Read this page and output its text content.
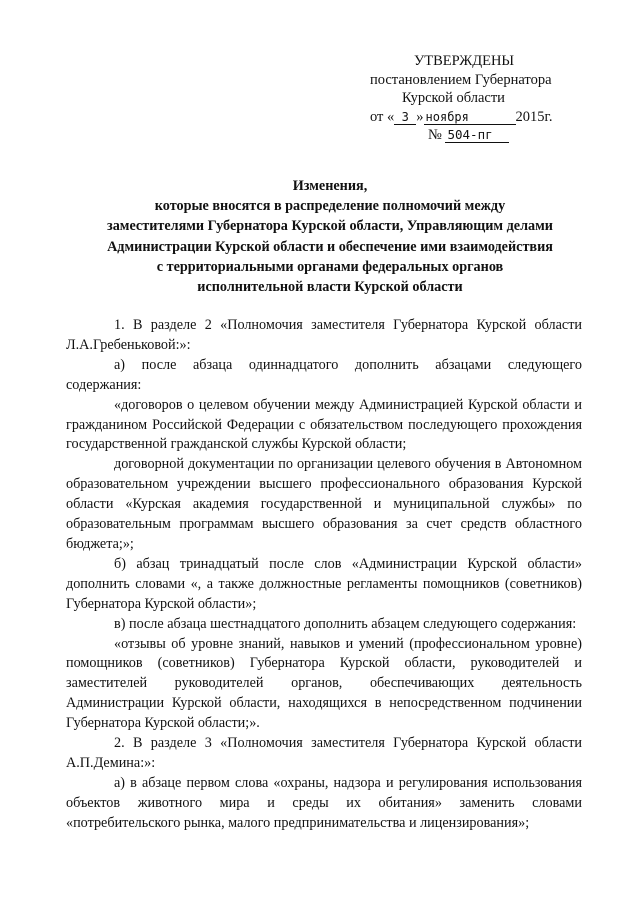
УТВЕРЖДЕНЫ
постановлением Губернатора
Курской области
от « 3 » ноября	2015г.
№ 504-пг
Изменения,
которые вносятся в распределение полномочий между
заместителями Губернатора Курской области, Управляющим делами
Администрации Курской области и обеспечение ими взаимодействия
с территориальными органами федеральных органов
исполнительной власти Курской области

1. В разделе 2 «Полномочия заместителя Губернатора Курской области Л.А.Гребеньковой:»:

а) после абзаца одиннадцатого дополнить абзацами следующего содержания:

«договоров о целевом обучении между Администрацией Курской области и гражданином Российской Федерации с обязательством последующего прохождения государственной гражданской службы Курской области;

договорной документации по организации целевого обучения в Автономном образовательном учреждении высшего профессионального образования Курской области «Курская академия государственной и муниципальной службы» по образовательным программам высшего образования за счет средств областного бюджета;»;

б) абзац тринадцатый после слов «Администрации Курской области» дополнить словами «, а также должностные регламенты помощников (советников) Губернатора Курской области»;

в) после абзаца шестнадцатого дополнить абзацем следующего содержания:

«отзывы об уровне знаний, навыков и умений (профессиональном уровне) помощников (советников) Губернатора Курской области, руководителей и заместителей руководителей органов, обеспечивающих деятельность Администрации Курской области, находящихся в непосредственном подчинении Губернатора Курской области;».

2. В разделе 3 «Полномочия заместителя Губернатора Курской области А.П.Демина:»:

а) в абзаце первом слова «охраны, надзора и регулирования использования объектов животного мира и среды их обитания» заменить словами «потребительского рынка, малого предпринимательства и лицензирования»;
